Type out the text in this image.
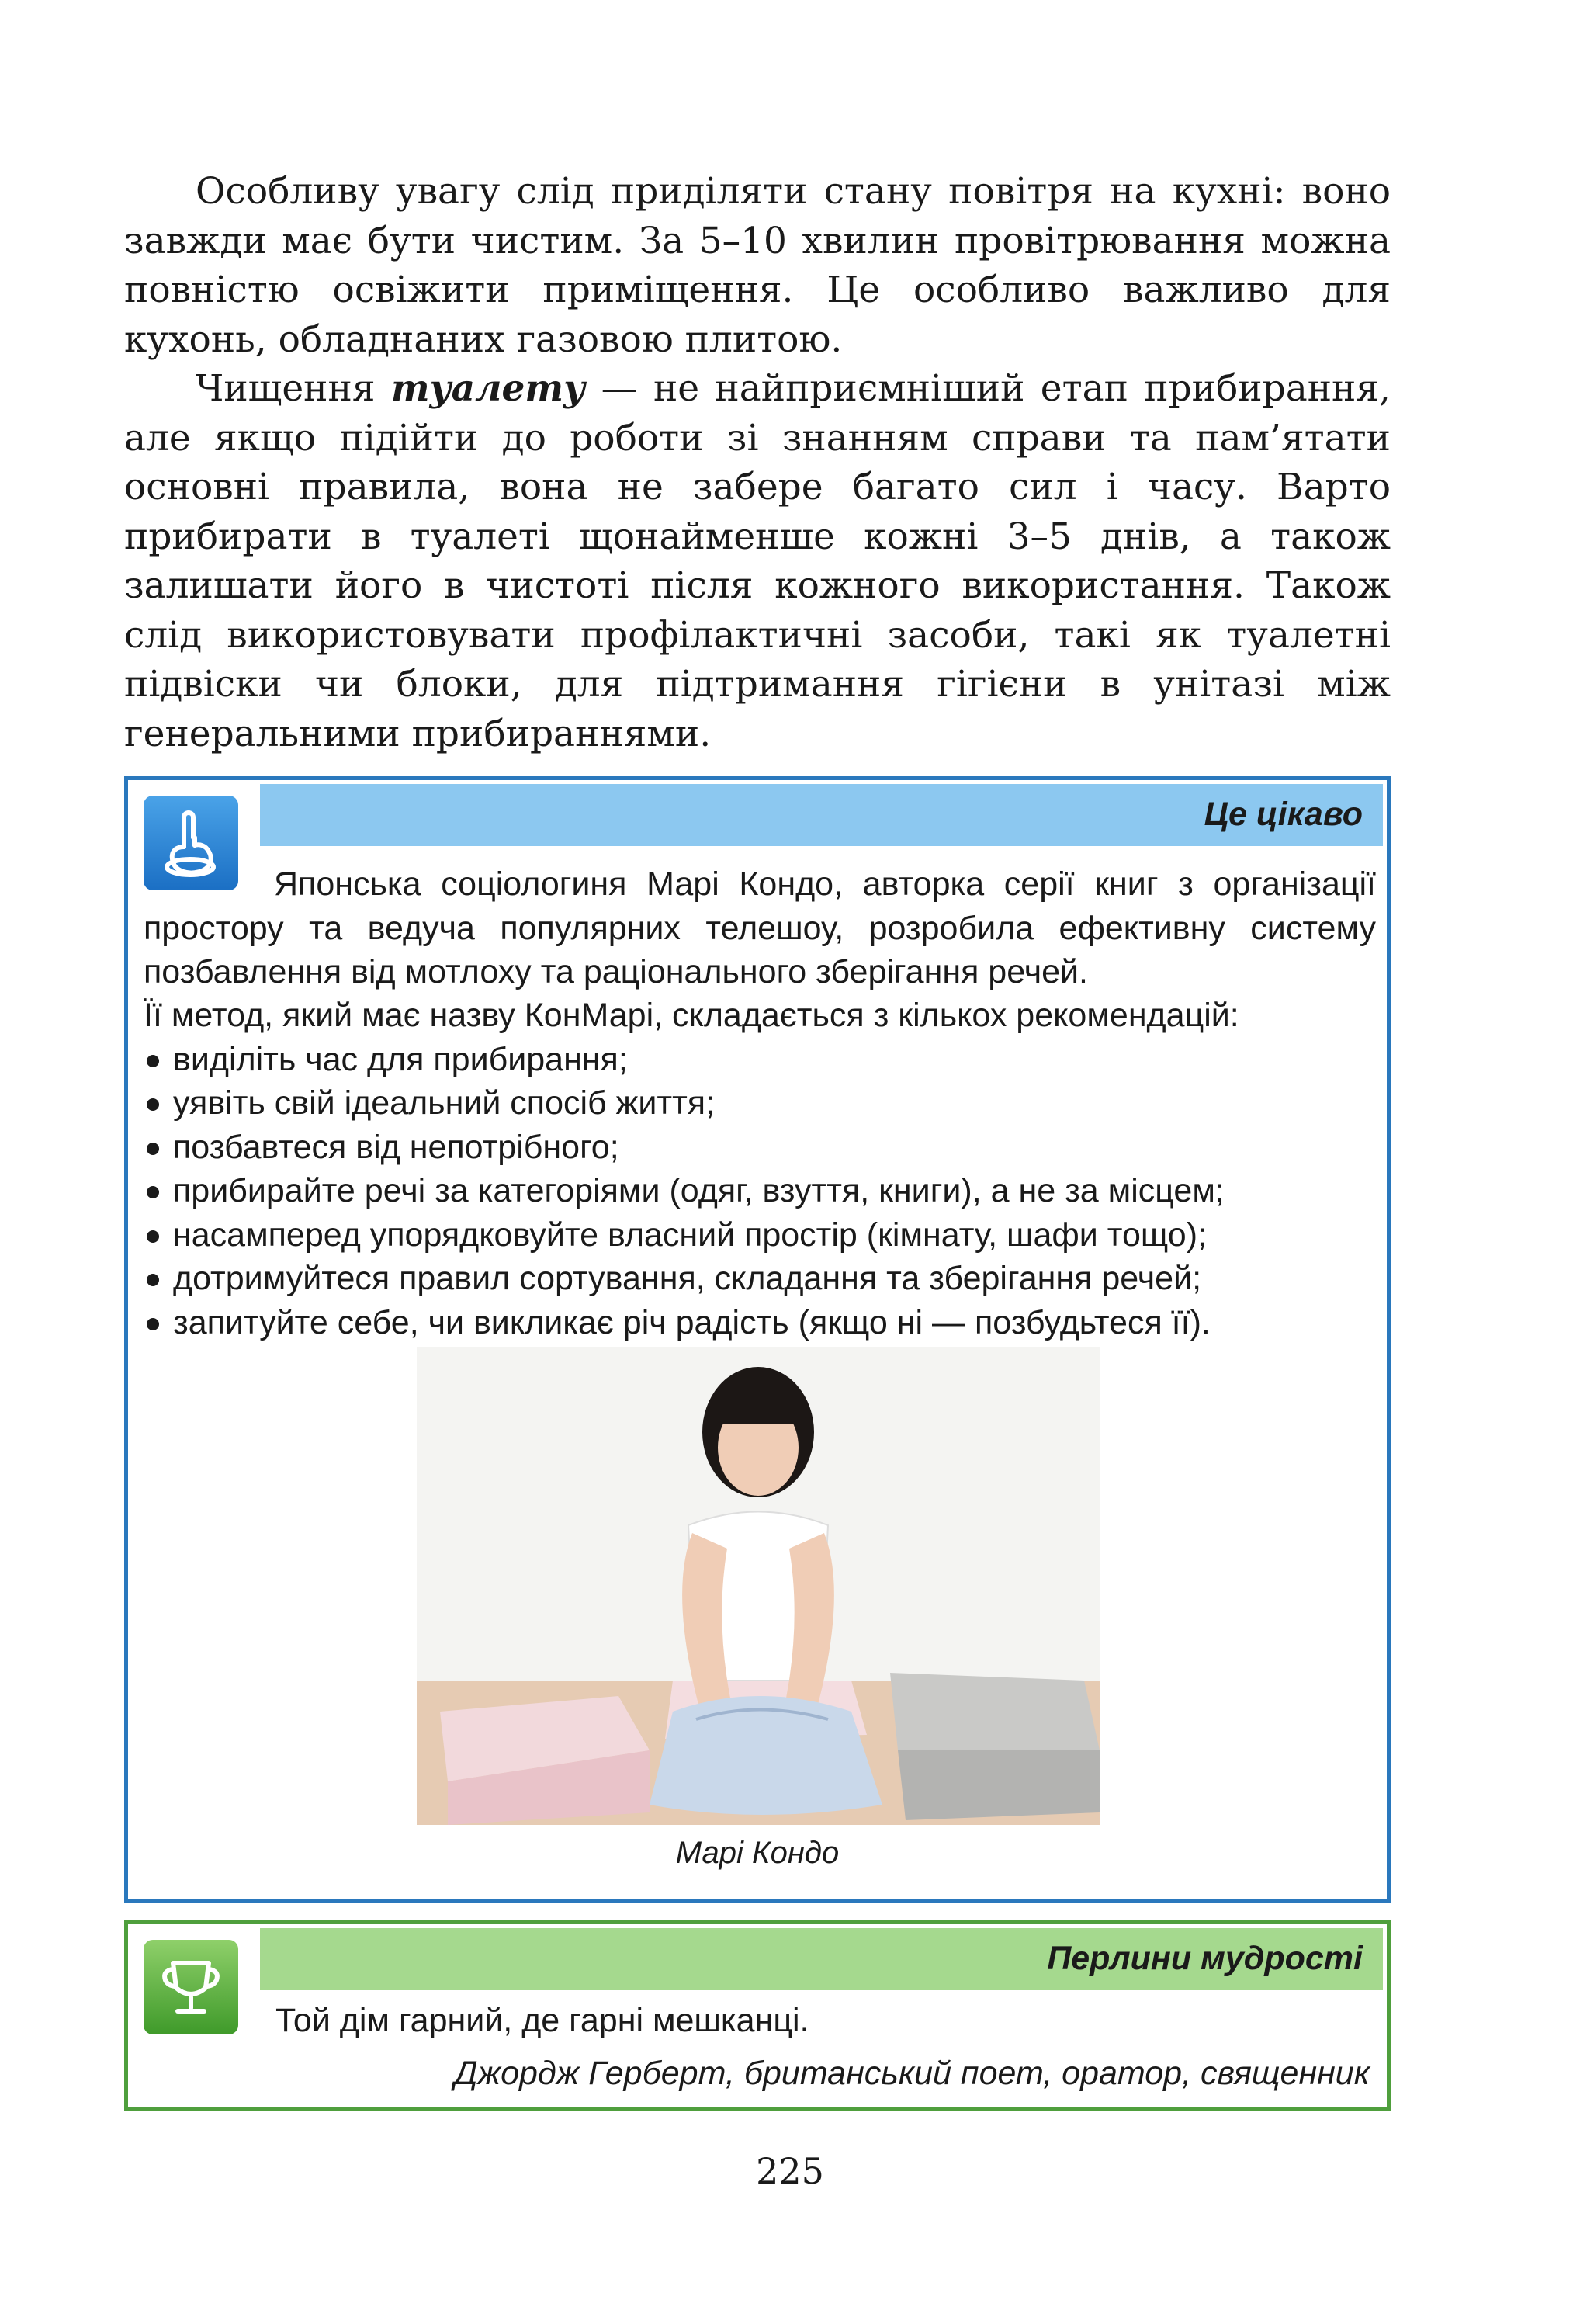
Особливу увагу слід приділяти стану повітря на кухні: воно завжди має бути чистим. За 5–10 хвилин провітрювання можна повністю освіжити приміщення. Це особливо важливо для кухонь, обладнаних газовою плитою.

Чищення туалету — не найприємніший етап прибирання, але якщо підійти до роботи зі знанням справи та пам’ятати основні правила, вона не забере багато сил і часу. Варто прибирати в туалеті щонайменше кожні 3–5 днів, а також залишати його в чистоті після кожного використання. Також слід використовувати профілактичні засоби, такі як туалетні підвіски чи блоки, для підтримання гігієни в унітазі між генеральними прибираннями.

Це цікаво

Японська соціологиня Марі Кондо, авторка серії книг з організації простору та ведуча популярних телешоу, розробила ефективну систему позбавлення від мотлоху та раціонального зберігання речей.

Її метод, який має назву КонМарі, складається з кількох рекомендацій:

виділіть час для прибирання;
уявіть свій ідеальний спосіб життя;
позбавтеся від непотрібного;
прибирайте речі за категоріями (одяг, взуття, книги), а не за місцем;
насамперед упорядковуйте власний простір (кімнату, шафи тощо);
дотримуйтеся правил сортування, складання та зберігання речей;
запитуйте себе, чи викликає річ радість (якщо ні — позбудьтеся її).
Марі Кондо
Перлини мудрості
Той дім гарний, де гарні мешканці.
Джордж Герберт, британський поет, оратор, священник
225
